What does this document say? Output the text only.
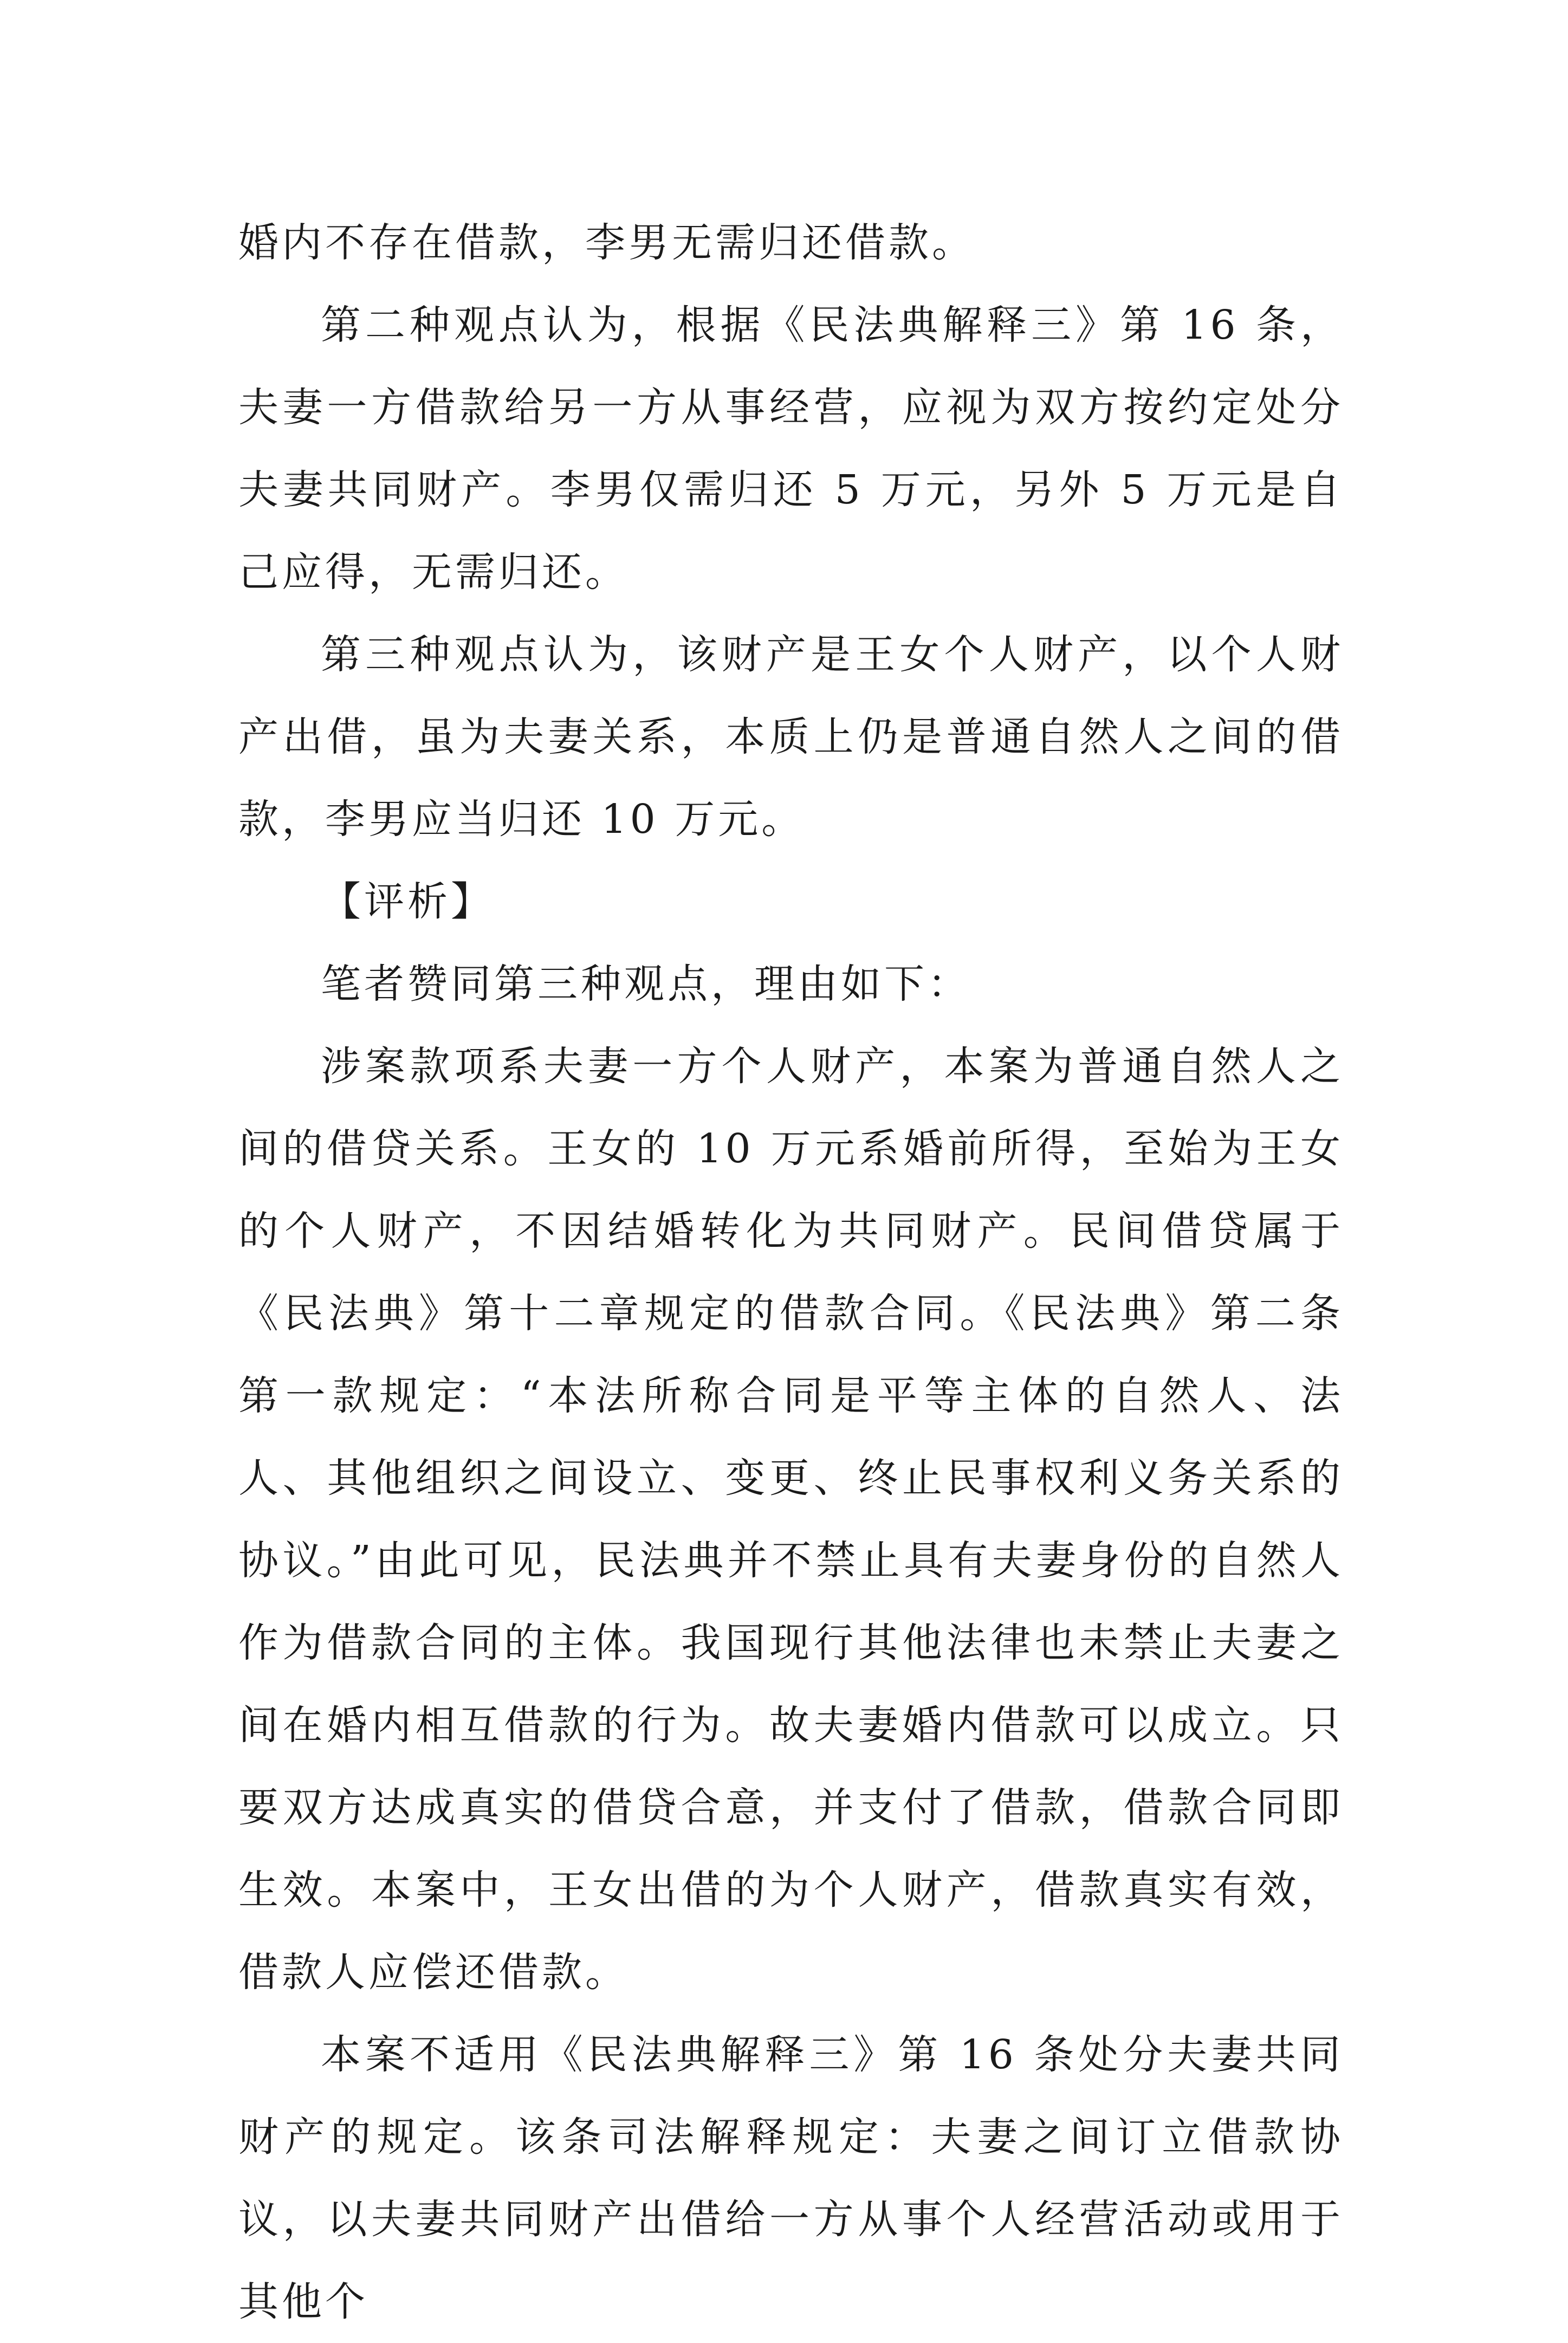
婚内不存在借款，李男无需归还借款。

第二种观点认为，根据《民法典解释三》第 16 条，夫妻一方借款给另一方从事经营，应视为双方按约定处分夫妻共同财产。李男仅需归还 5 万元，另外 5 万元是自己应得，无需归还。

第三种观点认为，该财产是王女个人财产，以个人财产出借，虽为夫妻关系，本质上仍是普通自然人之间的借款，李男应当归还 10 万元。

【评析】

笔者赞同第三种观点，理由如下：

涉案款项系夫妻一方个人财产，本案为普通自然人之间的借贷关系。王女的 10 万元系婚前所得，至始为王女的个人财产，不因结婚转化为共同财产。民间借贷属于《民法典》第十二章规定的借款合同。《民法典》第二条第一款规定：“本法所称合同是平等主体的自然人、法人、其他组织之间设立、变更、终止民事权利义务关系的协议。”由此可见，民法典并不禁止具有夫妻身份的自然人作为借款合同的主体。我国现行其他法律也未禁止夫妻之间在婚内相互借款的行为。故夫妻婚内借款可以成立。只要双方达成真实的借贷合意，并支付了借款，借款合同即生效。本案中，王女出借的为个人财产，借款真实有效，借款人应偿还借款。

本案不适用《民法典解释三》第 16 条处分夫妻共同财产的规定。该条司法解释规定：夫妻之间订立借款协议，以夫妻共同财产出借给一方从事个人经营活动或用于其他个
